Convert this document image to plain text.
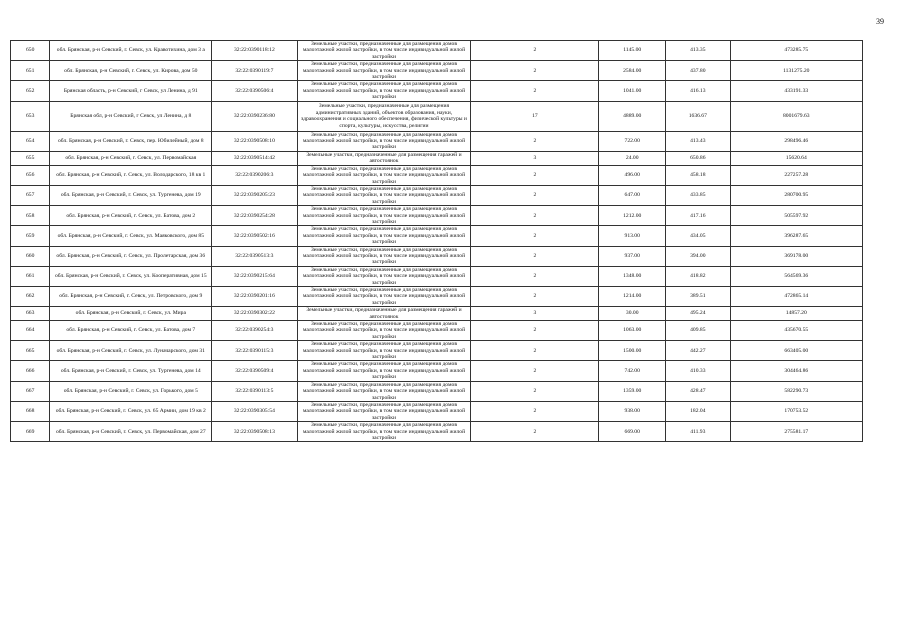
39
650	обл. Брянская, р-н Севский, г. Севск, ул. Кравотихина, дом 3 а	32:22:0390118:12	Земельные участки, предназначенные для размещения домов малоэтажной жилой застройки, в том числе индивидуальной жилой застройки	2	1145.00	413.35	473285.75
651	обл. Брянская, р-н Севский, г. Севск, ул. Кирова, дом 50	32:22:0390119:7	Земельные участки, предназначенные для размещения домов малоэтажной жилой застройки, в том числе индивидуальной жилой застройки	2	2584.00	437.80	1131275.20
652	Брянская область, р-н Севский, г Севск, ул Ленина, д 91	32:22:0390506:4	Земельные участки, предназначенные для размещения домов малоэтажной жилой застройки, в том числе индивидуальной жилой застройки	2	1041.00	416.13	433191.33
653	Брянская обл, р-н Севский, г Севск, ул Ленина, д 8	32:22:0390236:80	Земельные участки, предназначенные для размещения административных зданий, объектов образования, науки, здравоохранения и социального обеспечения, физической культуры и спорта, культуры, искусства, религии	17	4889.00	1636.67	8001679.63
654	обл. Брянская, р-н Севский, г. Севск, пер. Юбилейный, дом 8	32:22:0390508:10	Земельные участки, предназначенные для размещения домов малоэтажной жилой застройки, в том числе индивидуальной жилой застройки	2	722.00	413.43	298496.46
655	обл. Брянская, р-н Севский, г. Севск, ул. Первомайская	32:22:0390514:42	Земельные участки, предназначенные для размещения гаражей и автостоянок	3	24.00	650.86	15620.64
656	обл. Брянская, р-н Севский, г. Севск, ул. Володарского, 18 кв 1	32:22:0390206:3	Земельные участки, предназначенные для размещения домов малоэтажной жилой застройки, в том числе индивидуальной жилой застройки	2	496.00	458.18	227257.28
657	обл. Брянская, р-н Севский, г. Севск, ул. Тургенева, дом 19	32:22:0390205:23	Земельные участки, предназначенные для размещения домов малоэтажной жилой застройки, в том числе индивидуальной жилой застройки	2	647.00	433.85	280700.95
658	обл. Брянская, р-н Севский, г. Севск, ул. Батова, дом 2	32:22:0390254:28	Земельные участки, предназначенные для размещения домов малоэтажной жилой застройки, в том числе индивидуальной жилой застройки	2	1212.00	417.16	505597.92
659	обл. Брянская, р-н Севский, г. Севск, ул. Маяковского, дом 85	32:22:0390502:16	Земельные участки, предназначенные для размещения домов малоэтажной жилой застройки, в том числе индивидуальной жилой застройки	2	913.00	434.05	396287.65
660	обл. Брянская, р-н Севский, г. Севск, ул. Пролетарская, дом 36	32:22:0390513:3	Земельные участки, предназначенные для размещения домов малоэтажной жилой застройки, в том числе индивидуальной жилой застройки	2	937.00	394.00	369178.00
661	обл. Брянская, р-н Севский, г. Севск, ул. Кооперативная, дом 15	32:22:0390215:64	Земельные участки, предназначенные для размещения домов малоэтажной жилой застройки, в том числе индивидуальной жилой застройки	2	1348.00	418.82	564569.36
662	обл. Брянская, р-н Севский, г. Севск, ул. Петровского, дом 9	32:22:0390201:16	Земельные участки, предназначенные для размещения домов малоэтажной жилой застройки, в том числе индивидуальной жилой застройки	2	1214.00	389.51	472865.14
663	обл. Брянская, р-н Севский, г. Севск, ул. Мира	32:22:0390302:22	Земельные участки, предназначенные для размещения гаражей и автостоянок	3	30.00	495.24	14857.20
664	обл. Брянская, р-н Севский, г. Севск, ул. Батова, дом 7	32:22:0390254:3	Земельные участки, предназначенные для размещения домов малоэтажной жилой застройки, в том числе индивидуальной жилой застройки	2	1063.00	409.85	435670.55
665	обл. Брянская, р-н Севский, г. Севск, ул. Луначарского, дом 31	32:22:0390115:3	Земельные участки, предназначенные для размещения домов малоэтажной жилой застройки, в том числе индивидуальной жилой застройки	2	1500.00	442.27	663405.00
666	обл. Брянская, р-н Севский, г. Севск, ул. Тургенева, дом 14	32:22:0390509:4	Земельные участки, предназначенные для размещения домов малоэтажной жилой застройки, в том числе индивидуальной жилой застройки	2	742.00	410.33	304464.86
667	обл. Брянская, р-н Севский, г. Севск, ул. Горького, дом 5	32:22:0390113:5	Земельные участки, предназначенные для размещения домов малоэтажной жилой застройки, в том числе индивидуальной жилой застройки	2	1359.00	428.47	582290.73
668	обл. Брянская, р-н Севский, г. Севск, ул. 65 Армии, дом 19 кв 2	32:22:0390305:54	Земельные участки, предназначенные для размещения домов малоэтажной жилой застройки, в том числе индивидуальной жилой застройки	2	938.00	182.04	170753.52
669	обл. Брянская, р-н Севский, г. Севск, ул. Первомайская, дом 27	32:22:0390508:13	Земельные участки, предназначенные для размещения домов малоэтажной жилой застройки, в том числе индивидуальной жилой застройки	2	669.00	411.93	275581.17
